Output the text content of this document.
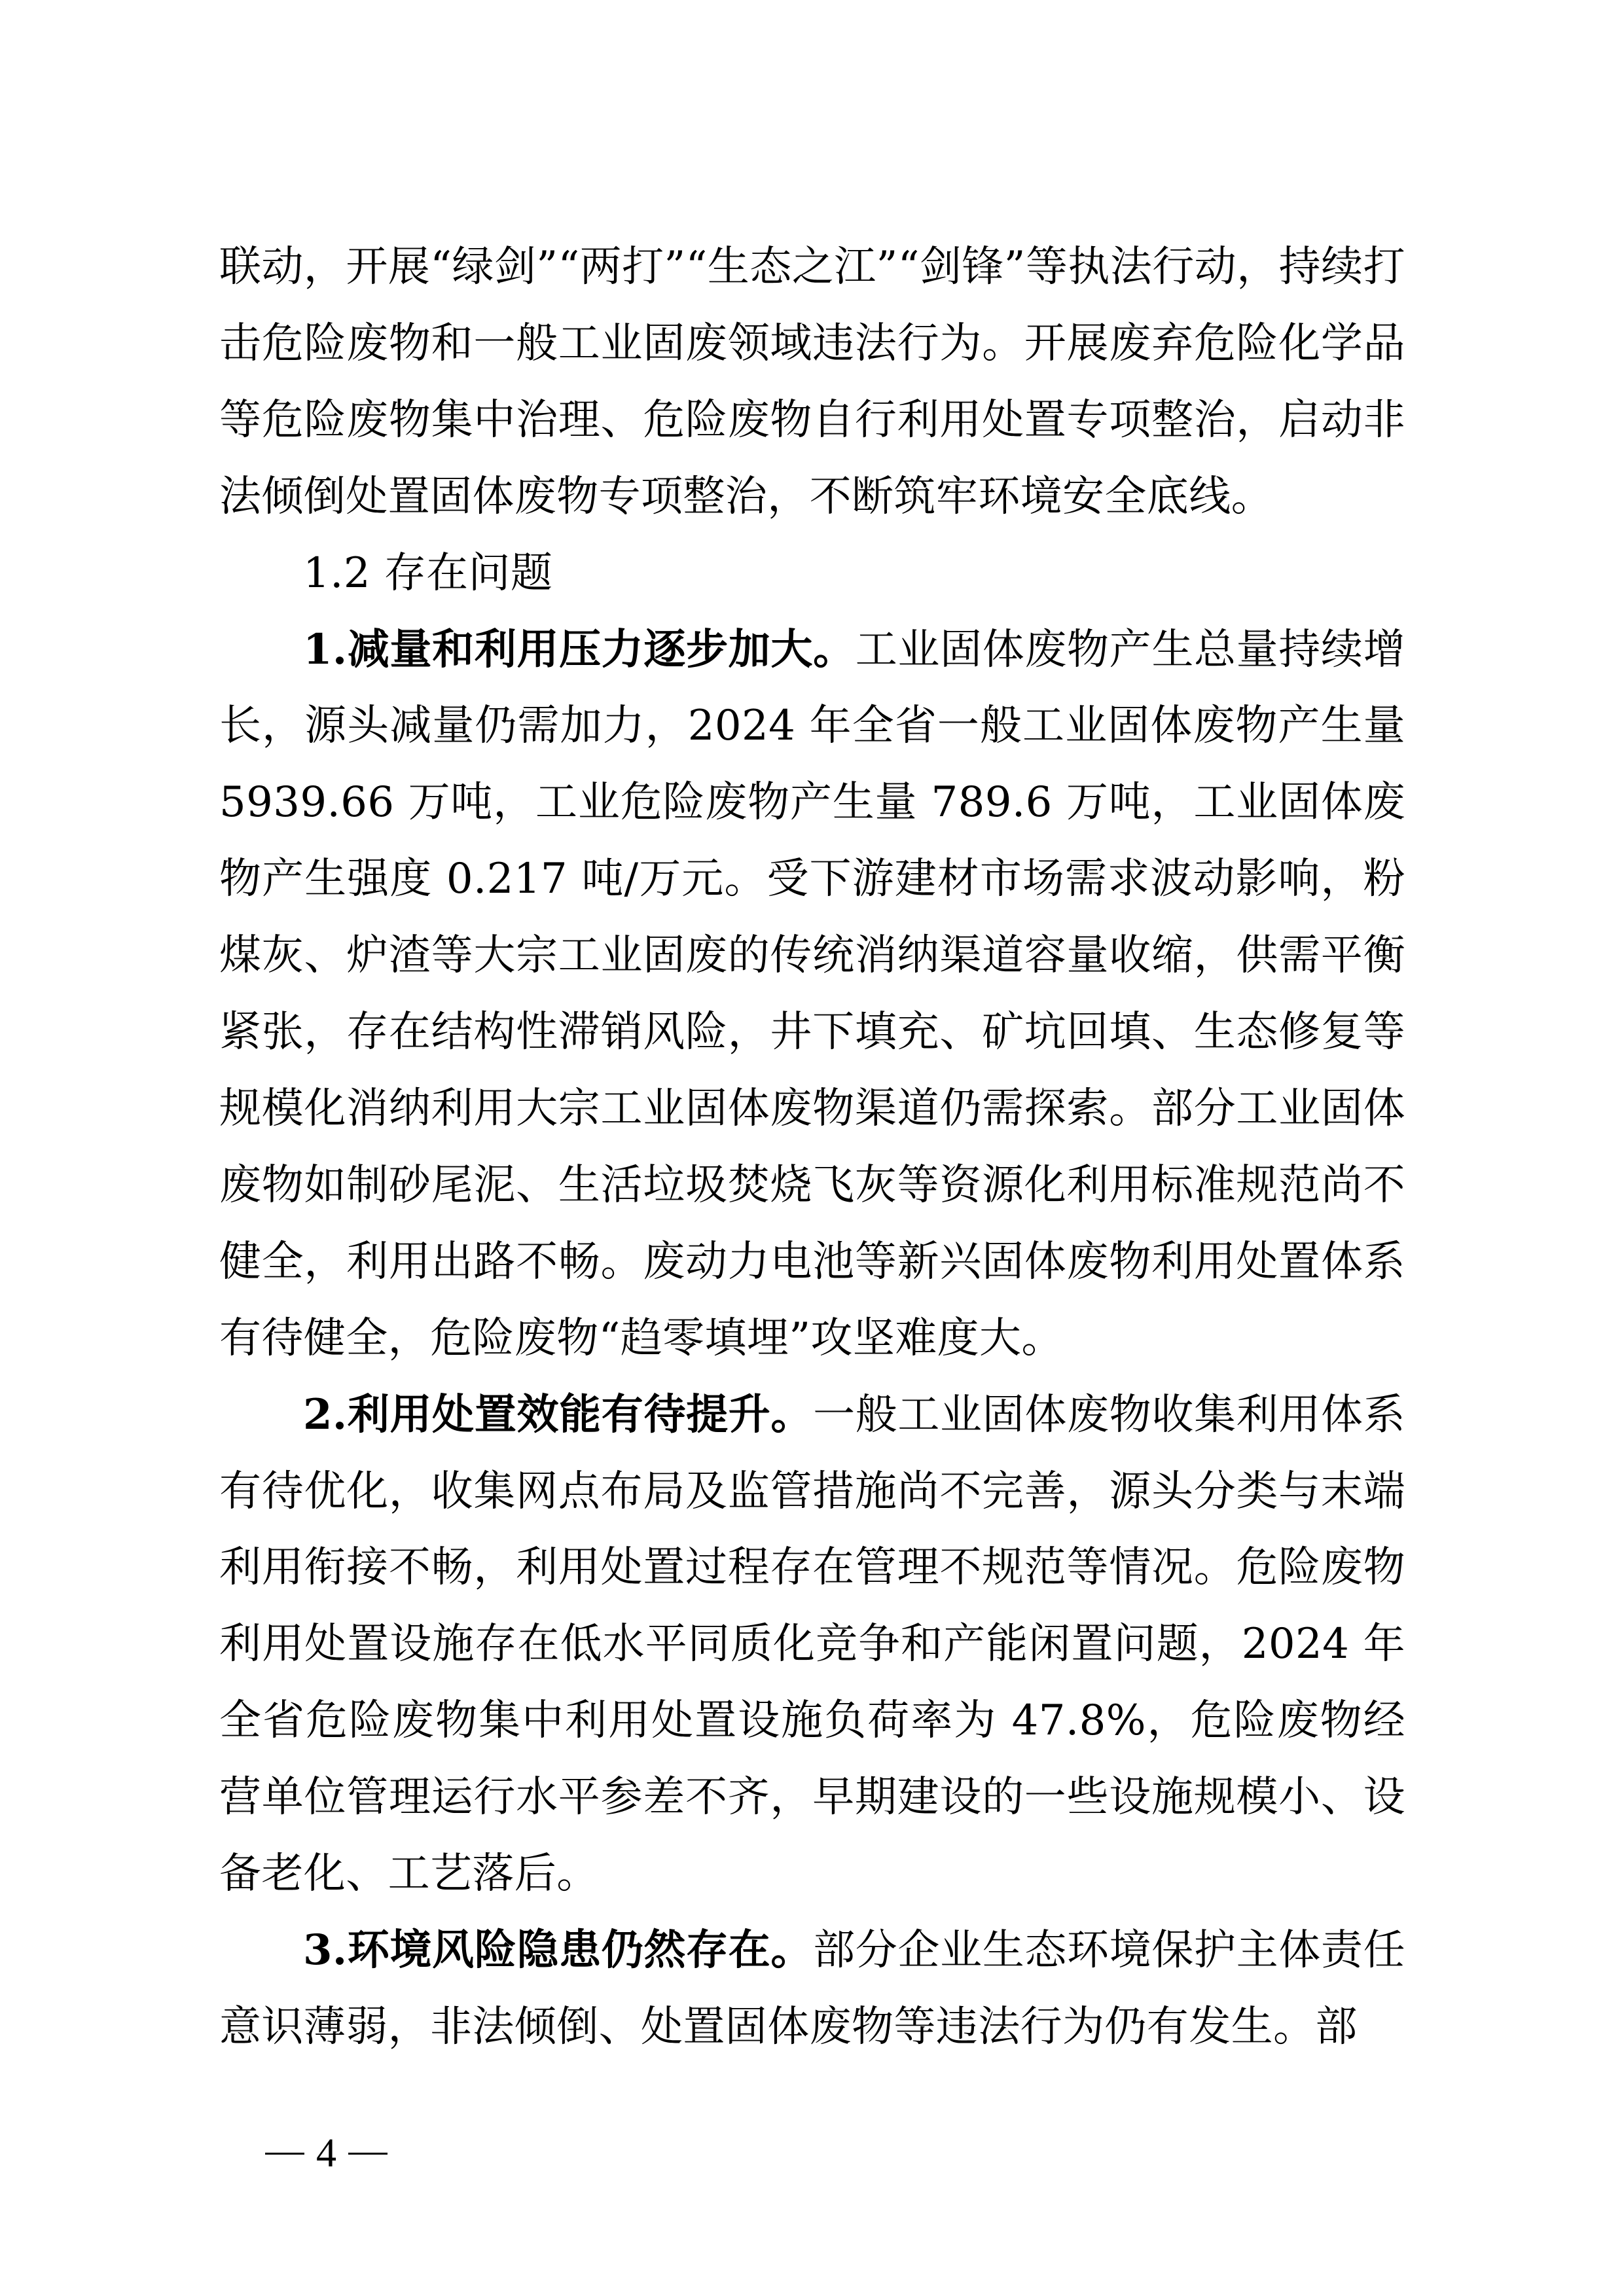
联动，开展“绿剑”“两打”“生态之江”“剑锋”等执法行动，持续打击危险废物和一般工业固废领域违法行为。开展废弃危险化学品等危险废物集中治理、危险废物自行利用处置专项整治，启动非法倾倒处置固体废物专项整治，不断筑牢环境安全底线。

1.2 存在问题

1.减量和利用压力逐步加大。工业固体废物产生总量持续增长，源头减量仍需加力，2024 年全省一般工业固体废物产生量 5939.66 万吨，工业危险废物产生量 789.6 万吨，工业固体废物产生强度 0.217 吨/万元。受下游建材市场需求波动影响，粉煤灰、炉渣等大宗工业固废的传统消纳渠道容量收缩，供需平衡紧张，存在结构性滞销风险，井下填充、矿坑回填、生态修复等规模化消纳利用大宗工业固体废物渠道仍需探索。部分工业固体废物如制砂尾泥、生活垃圾焚烧飞灰等资源化利用标准规范尚不健全，利用出路不畅。废动力电池等新兴固体废物利用处置体系有待健全，危险废物“趋零填埋”攻坚难度大。

2.利用处置效能有待提升。一般工业固体废物收集利用体系有待优化，收集网点布局及监管措施尚不完善，源头分类与末端利用衔接不畅，利用处置过程存在管理不规范等情况。危险废物利用处置设施存在低水平同质化竞争和产能闲置问题，2024 年全省危险废物集中利用处置设施负荷率为 47.8%，危险废物经营单位管理运行水平参差不齐，早期建设的一些设施规模小、设备老化、工艺落后。

3.环境风险隐患仍然存在。部分企业生态环境保护主体责任意识薄弱，非法倾倒、处置固体废物等违法行为仍有发生。部

4
